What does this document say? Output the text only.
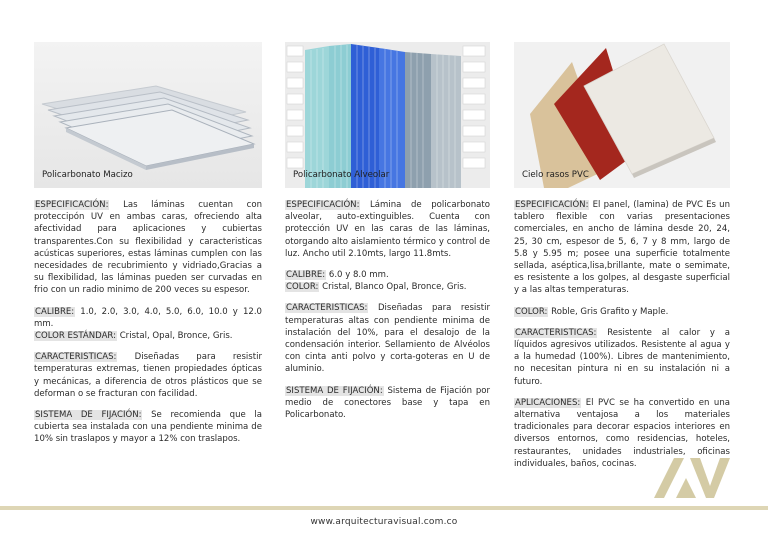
Policarbonato Macizo

ESPECIFICACIÓN: Las láminas cuentan con proteccipón UV en ambas caras, ofreciendo alta afectividad para aplicaciones y cubiertas transparentes.Con su flexibilidad y caracteristicas acústicas superiores, estas láminas cumplen con las necesidades de recubrimiento y vidriado,Gracias a su flexibilidad, las láminas pueden ser curvadas en frio con un radio minimo de 200 veces su espesor.

CALIBRE: 1.0, 2.0, 3.0, 4.0, 5.0, 6.0, 10.0 y 12.0 mm.
COLOR ESTÁNDAR: Cristal, Opal, Bronce, Gris.

CARACTERISTICAS: Diseñadas para resistir temperaturas extremas, tienen propiedades ópticas y mecánicas, a diferencia de otros plásticos que se deforman o se fracturan con facilidad.

SISTEMA DE FIJACIÓN: Se recomienda que la cubierta sea instalada con una pendiente minima de 10% sin traslapos y mayor a 12% con traslapos.

Policarbonato Alveolar

ESPECIFICACIÓN: Lámina de policarbonato alveolar, auto-extinguibles. Cuenta con protección UV en las caras de las láminas, otorgando alto aislamiento térmico y control de luz. Ancho util 2.10mts, largo 11.8mts.

CALIBRE: 6.0 y 8.0 mm.
COLOR: Cristal, Blanco Opal, Bronce, Gris.

CARACTERISTICAS: Diseñadas para resistir temperaturas altas con pendiente minima de instalación del 10%, para el desalojo de la condensación interior. Sellamiento de Alvéolos con cinta anti polvo y corta-goteras en U de aluminio.

SISTEMA DE FIJACIÓN: Sistema de Fijación por medio de conectores base y tapa en Policarbonato.

Cielo rasos PVC

ESPECIFICACIÓN: El panel, (lamina) de PVC Es un tablero flexible con varias presentaciones comerciales, en ancho de lámina desde 20, 24, 25, 30 cm, espesor de 5, 6, 7 y 8 mm, largo de 5.8 y 5.95 m; posee una superficie totalmente sellada, aséptica,lisa,brillante, mate o semimate, es resistente a los golpes, al desgaste superficial y a las altas temperaturas.

COLOR: Roble, Gris Grafito y Maple.

CARACTERISTICAS: Resistente al calor y a líquidos agresivos utilizados. Resistente al agua y a la humedad (100%). Libres de mantenimiento, no necesitan pintura ni en su instalación ni a futuro.

APLICACIONES: El PVC se ha convertido en una alternativa ventajosa a los materiales tradicionales para decorar espacios interiores en diversos entornos, como residencias, hoteles, restaurantes, unidades industriales, oficinas individuales, baños, cocinas.

www.arquitecturavisual.com.co
